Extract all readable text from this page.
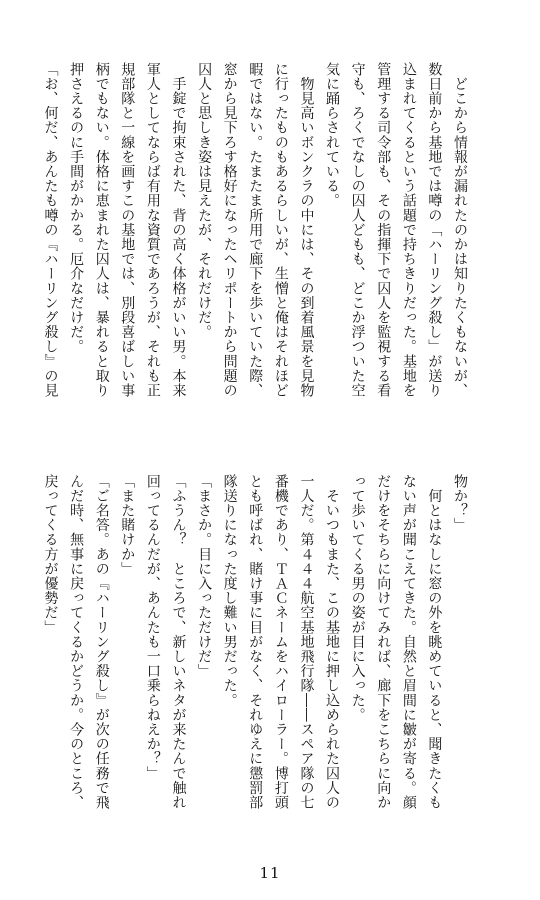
　どこから情報が漏れたのかは知りたくもないが、

数日前から基地では噂の「ハーリング殺し」が送り

込まれてくるという話題で持ちきりだった。基地を

管理する司令部も、その指揮下で囚人を監視する看

守も、ろくでなしの囚人どもも、どこか浮ついた空

気に踊らされている。

　物見高いボンクラの中には、その到着風景を見物

に行ったものもあるらしいが、生憎と俺はそれほど

暇ではない。たまたま所用で廊下を歩いていた際、

窓から見下ろす格好になったヘリポートから問題の

囚人と思しき姿は見えたが、それだけだ。

　手錠で拘束された、背の高く体格がいい男。本来

軍人としてならば有用な資質であろうが、それも正

規部隊と一線を画すこの基地では、別段喜ばしい事

柄でもない。体格に恵まれた囚人は、暴れると取り

押さえるのに手間がかかる。厄介なだけだ。

「お、何だ、あんたも噂の『ハーリング殺し』の見

物か？」

　何とはなしに窓の外を眺めていると、聞きたくも

ない声が聞こえてきた。自然と眉間に皺が寄る。顔

だけをそちらに向けてみれば、廊下をこちらに向か

って歩いてくる男の姿が目に入った。

　そいつもまた、この基地に押し込められた囚人の

一人だ。第４４４航空基地飛行隊――スペア隊の七

番機であり、ＴＡＣネームをハイローラー。博打頭

とも呼ばれ、賭け事に目がなく、それゆえに懲罰部

隊送りになった度し難い男だった。

「まさか。目に入っただけだ」

「ふうん？　ところで、新しいネタが来たんで触れ

回ってるんだが、あんたも一口乗らねえか？」

「また賭けか」

「ご名答。あの『ハーリング殺し』が次の任務で飛

んだ時、無事に戻ってくるかどうか。今のところ、

戻ってくる方が優勢だ」

11
